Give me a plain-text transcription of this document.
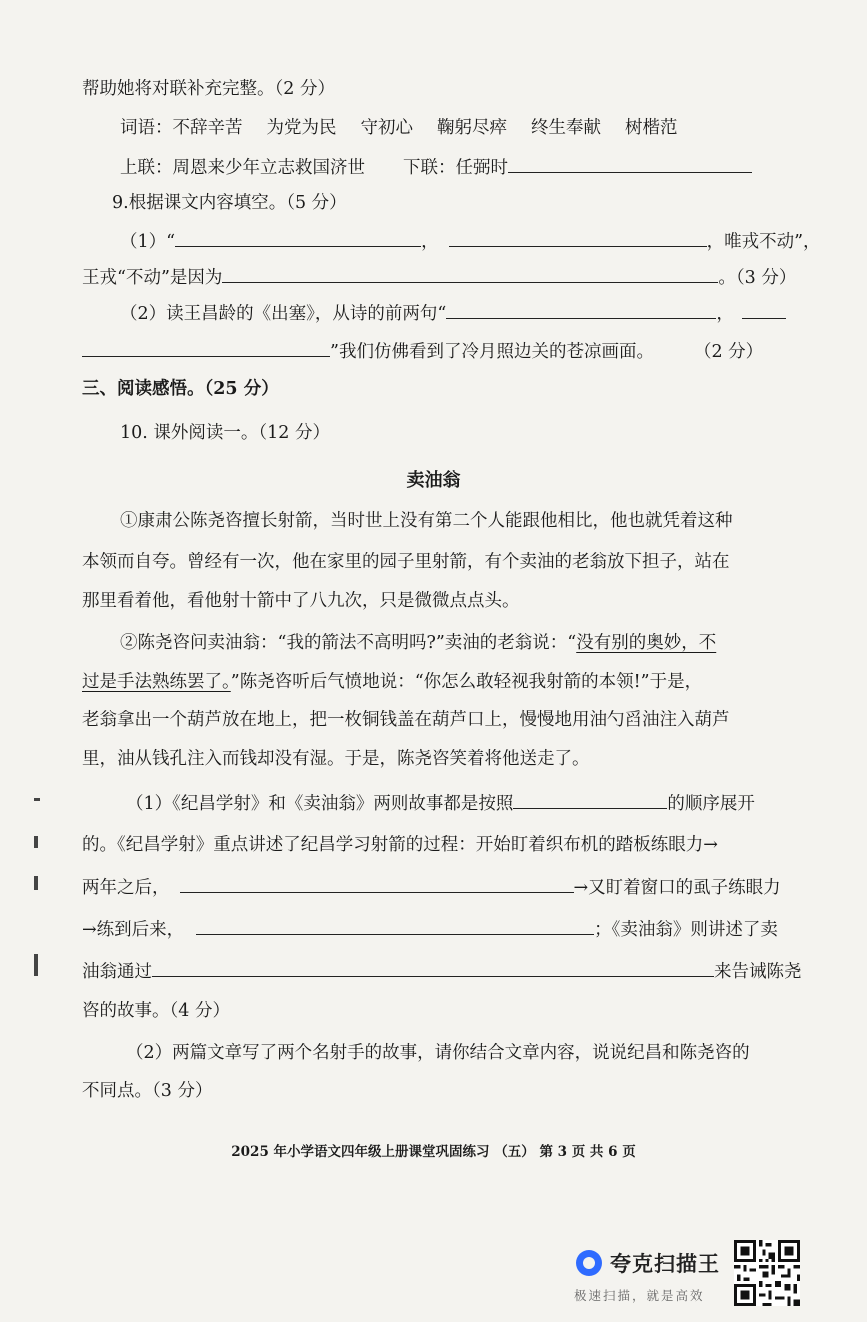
帮助她将对联补充完整。（2 分）
词语：不辞辛苦 为党为民 守初心 鞠躬尽瘁 终生奉献 树楷范
上联：周恩来少年立志救国济世 下联：任弼时
9.根据课文内容填空。（5 分）
（1）“	，	，唯戎不动”，
王戎“不动”是因为	。（3 分）
（2）读王昌龄的《出塞》，从诗的前两句“	，
”我们仿佛看到了冷月照边关的苍凉画面。 （2 分）
三、阅读感悟。（25 分）
10. 课外阅读一。（12 分）
卖油翁
①康肃公陈尧咨擅长射箭，当时世上没有第二个人能跟他相比，他也就凭着这种
本领而自夸。曾经有一次，他在家里的园子里射箭，有个卖油的老翁放下担子，站在
那里看着他，看他射十箭中了八九次，只是微微点点头。
②陈尧咨问卖油翁：“我的箭法不高明吗?”卖油的老翁说：“没有别的奥妙，不
过是手法熟练罢了。”陈尧咨听后气愤地说：“你怎么敢轻视我射箭的本领!”于是，
老翁拿出一个葫芦放在地上，把一枚铜钱盖在葫芦口上，慢慢地用油勺舀油注入葫芦
里，油从钱孔注入而钱却没有湿。于是，陈尧咨笑着将他送走了。
（1）《纪昌学射》和《卖油翁》两则故事都是按照	的顺序展开
的。《纪昌学射》重点讲述了纪昌学习射箭的过程：开始盯着织布机的踏板练眼力→
两年之后，	→又盯着窗口的虱子练眼力
→练到后来，	；《卖油翁》则讲述了卖
油翁通过	来告诫陈尧
咨的故事。（4 分）
（2）两篇文章写了两个名射手的故事，请你结合文章内容，说说纪昌和陈尧咨的
不同点。（3 分）
2025 年小学语文四年级上册课堂巩固练习 （五） 第 3 页 共 6 页
夸克扫描王
极速扫描，就是高效
